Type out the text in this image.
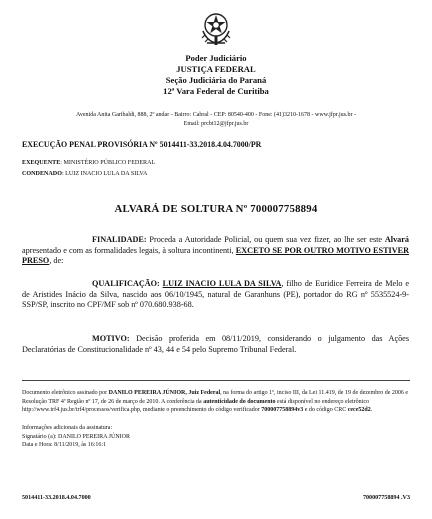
Poder Judiciário
JUSTIÇA FEDERAL
Seção Judiciária do Paraná
12ª Vara Federal de Curitiba
Avenida Anita Garibaldi, 888, 2º andar - Bairro: Cabral - CEP: 80540-400 - Fone: (41)3210-1678 - www.jfpr.jus.br -
Email: prcbt12@jfpr.jus.br
EXECUÇÃO PENAL PROVISÓRIA Nº 5014411-33.2018.4.04.7000/PR
EXEQUENTE: MINISTÉRIO PÚBLICO FEDERAL
CONDENADO: LUIZ INACIO LULA DA SILVA
ALVARÁ DE SOLTURA Nº 700007758894

FINALIDADE: Proceda a Autoridade Policial, ou quem sua vez fizer, ao lhe ser este Alvará apresentado e com as formalidades legais, à soltura incontinenti, EXCETO SE POR OUTRO MOTIVO ESTIVER PRESO, de:

QUALIFICAÇÃO: LUIZ INACIO LULA DA SILVA, filho de Euridice Ferreira de Melo e de Aristides Inácio da Silva, nascido aos 06/10/1945, natural de Garanhuns (PE), portador do RG nº 5535524-9-SSP/SP, inscrito no CPF/MF sob nº 070.680.938-68.

MOTIVO: Decisão proferida em 08/11/2019, considerando o julgamento das Ações Declaratórias de Constitucionalidade nº 43, 44 e 54 pelo Supremo Tribunal Federal.

Documento eletrônico assinado por DANILO PEREIRA JÚNIOR, Juiz Federal, na forma do artigo 1º, inciso III, da Lei 11.419, de 19 de dezembro de 2006 e Resolução TRF 4ª Região nº 17, de 26 de março de 2010. A conferência da autenticidade do documento está disponível no endereço eletrônico http://www.trf4.jus.br/trf4/processos/verifica.php, mediante o preenchimento do código verificador 700007758894v3 e do código CRC cece52d2.

Informações adicionais da assinatura:
Signatário (a): DANILO PEREIRA JÚNIOR
Data e Hora: 8/11/2019, às 16:16:1
5014411-33.2018.4.04.7000	700007758894 .V3
